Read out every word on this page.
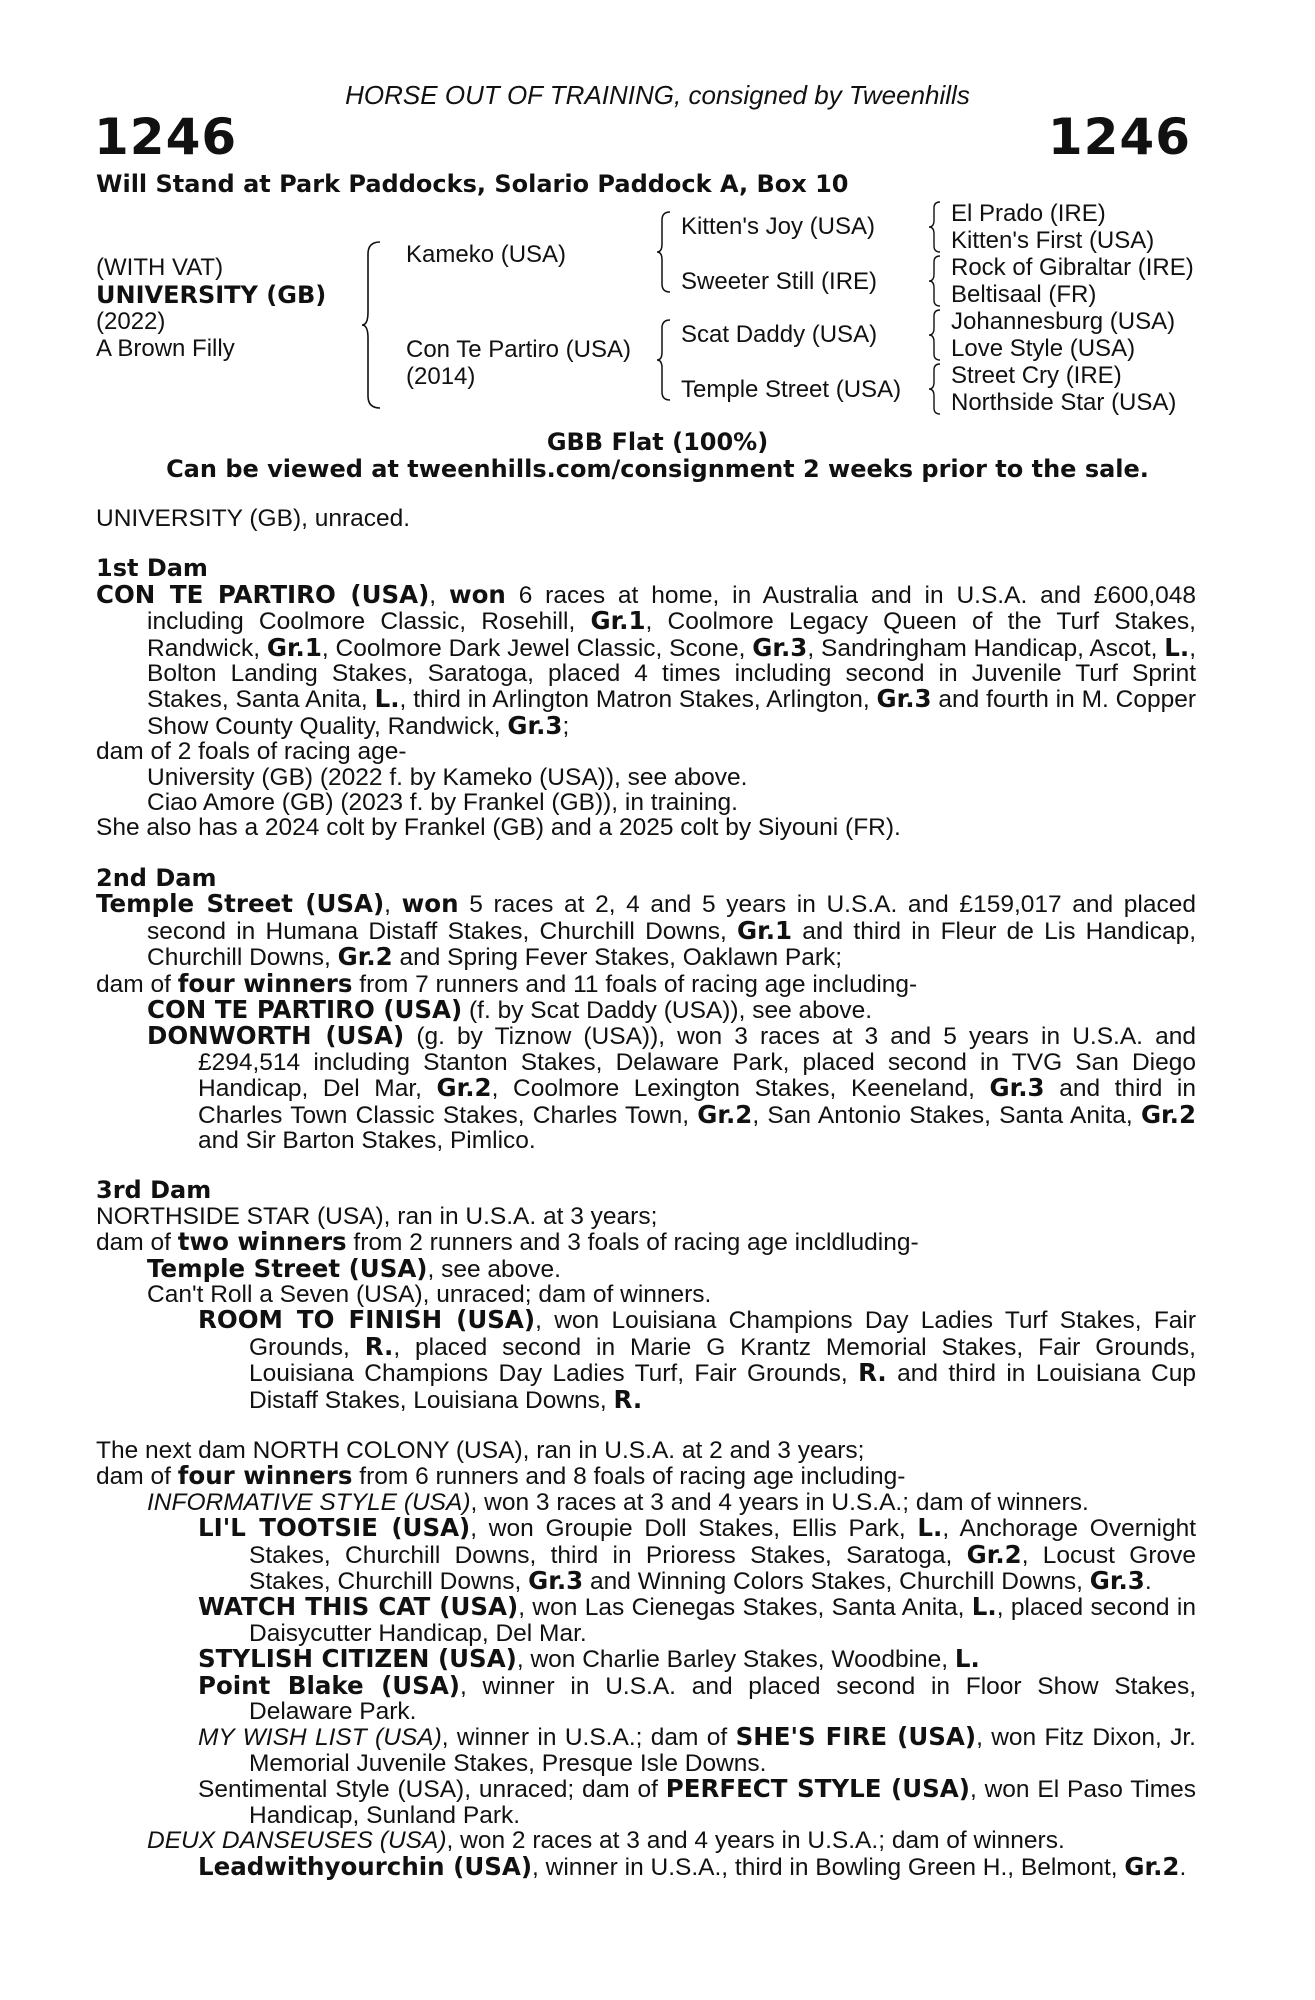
HORSE OUT OF TRAINING, consigned by Tweenhills
1246	1246
Will Stand at Park Paddocks, Solario Paddock A, Box 10
(WITH VAT)
UNIVERSITY (GB)
(2022)
A Brown Filly
Kameko (USA)
Con Te Partiro (USA)
(2014)
Kitten's Joy (USA)
Sweeter Still (IRE)
Scat Daddy (USA)
Temple Street (USA)
El Prado (IRE)
Kitten's First (USA)
Rock of Gibraltar (IRE)
Beltisaal (FR)
Johannesburg (USA)
Love Style (USA)
Street Cry (IRE)
Northside Star (USA)
GBB Flat (100%)
Can be viewed at tweenhills.com/consignment 2 weeks prior to the sale.

UNIVERSITY (GB), unraced.

1st Dam

CON TE PARTIRO (USA), won 6 races at home, in Australia and in U.S.A. and £600,048 including Coolmore Classic, Rosehill, Gr.1, Coolmore Legacy Queen of the Turf Stakes, Randwick, Gr.1, Coolmore Dark Jewel Classic, Scone, Gr.3, Sandringham Handicap, Ascot, L., Bolton Landing Stakes, Saratoga, placed 4 times including second in Juvenile Turf Sprint Stakes, Santa Anita, L., third in Arlington Matron Stakes, Arlington, Gr.3 and fourth in M. Copper Show County Quality, Randwick, Gr.3;

dam of 2 foals of racing age-

University (GB) (2022 f. by Kameko (USA)), see above.

Ciao Amore (GB) (2023 f. by Frankel (GB)), in training.

She also has a 2024 colt by Frankel (GB) and a 2025 colt by Siyouni (FR).

2nd Dam

Temple Street (USA), won 5 races at 2, 4 and 5 years in U.S.A. and £159,017 and placed second in Humana Distaff Stakes, Churchill Downs, Gr.1 and third in Fleur de Lis Handicap, Churchill Downs, Gr.2 and Spring Fever Stakes, Oaklawn Park;

dam of four winners from 7 runners and 11 foals of racing age including-

CON TE PARTIRO (USA) (f. by Scat Daddy (USA)), see above.

DONWORTH (USA) (g. by Tiznow (USA)), won 3 races at 3 and 5 years in U.S.A. and £294,514 including Stanton Stakes, Delaware Park, placed second in TVG San Diego Handicap, Del Mar, Gr.2, Coolmore Lexington Stakes, Keeneland, Gr.3 and third in Charles Town Classic Stakes, Charles Town, Gr.2, San Antonio Stakes, Santa Anita, Gr.2 and Sir Barton Stakes, Pimlico.

3rd Dam

NORTHSIDE STAR (USA), ran in U.S.A. at 3 years;

dam of two winners from 2 runners and 3 foals of racing age incldluding-

Temple Street (USA), see above.

Can't Roll a Seven (USA), unraced; dam of winners.

ROOM TO FINISH (USA), won Louisiana Champions Day Ladies Turf Stakes, Fair Grounds, R., placed second in Marie G Krantz Memorial Stakes, Fair Grounds, Louisiana Champions Day Ladies Turf, Fair Grounds, R. and third in Louisiana Cup Distaff Stakes, Louisiana Downs, R.

The next dam NORTH COLONY (USA), ran in U.S.A. at 2 and 3 years;

dam of four winners from 6 runners and 8 foals of racing age including-

INFORMATIVE STYLE (USA), won 3 races at 3 and 4 years in U.S.A.; dam of winners.

LI'L TOOTSIE (USA), won Groupie Doll Stakes, Ellis Park, L., Anchorage Overnight Stakes, Churchill Downs, third in Prioress Stakes, Saratoga, Gr.2, Locust Grove Stakes, Churchill Downs, Gr.3 and Winning Colors Stakes, Churchill Downs, Gr.3.

WATCH THIS CAT (USA), won Las Cienegas Stakes, Santa Anita, L., placed second in Daisycutter Handicap, Del Mar.

STYLISH CITIZEN (USA), won Charlie Barley Stakes, Woodbine, L.

Point Blake (USA), winner in U.S.A. and placed second in Floor Show Stakes, Delaware Park.

MY WISH LIST (USA), winner in U.S.A.; dam of SHE'S FIRE (USA), won Fitz Dixon, Jr. Memorial Juvenile Stakes, Presque Isle Downs.

Sentimental Style (USA), unraced; dam of PERFECT STYLE (USA), won El Paso Times Handicap, Sunland Park.

DEUX DANSEUSES (USA), won 2 races at 3 and 4 years in U.S.A.; dam of winners.

Leadwithyourchin (USA), winner in U.S.A., third in Bowling Green H., Belmont, Gr.2.
